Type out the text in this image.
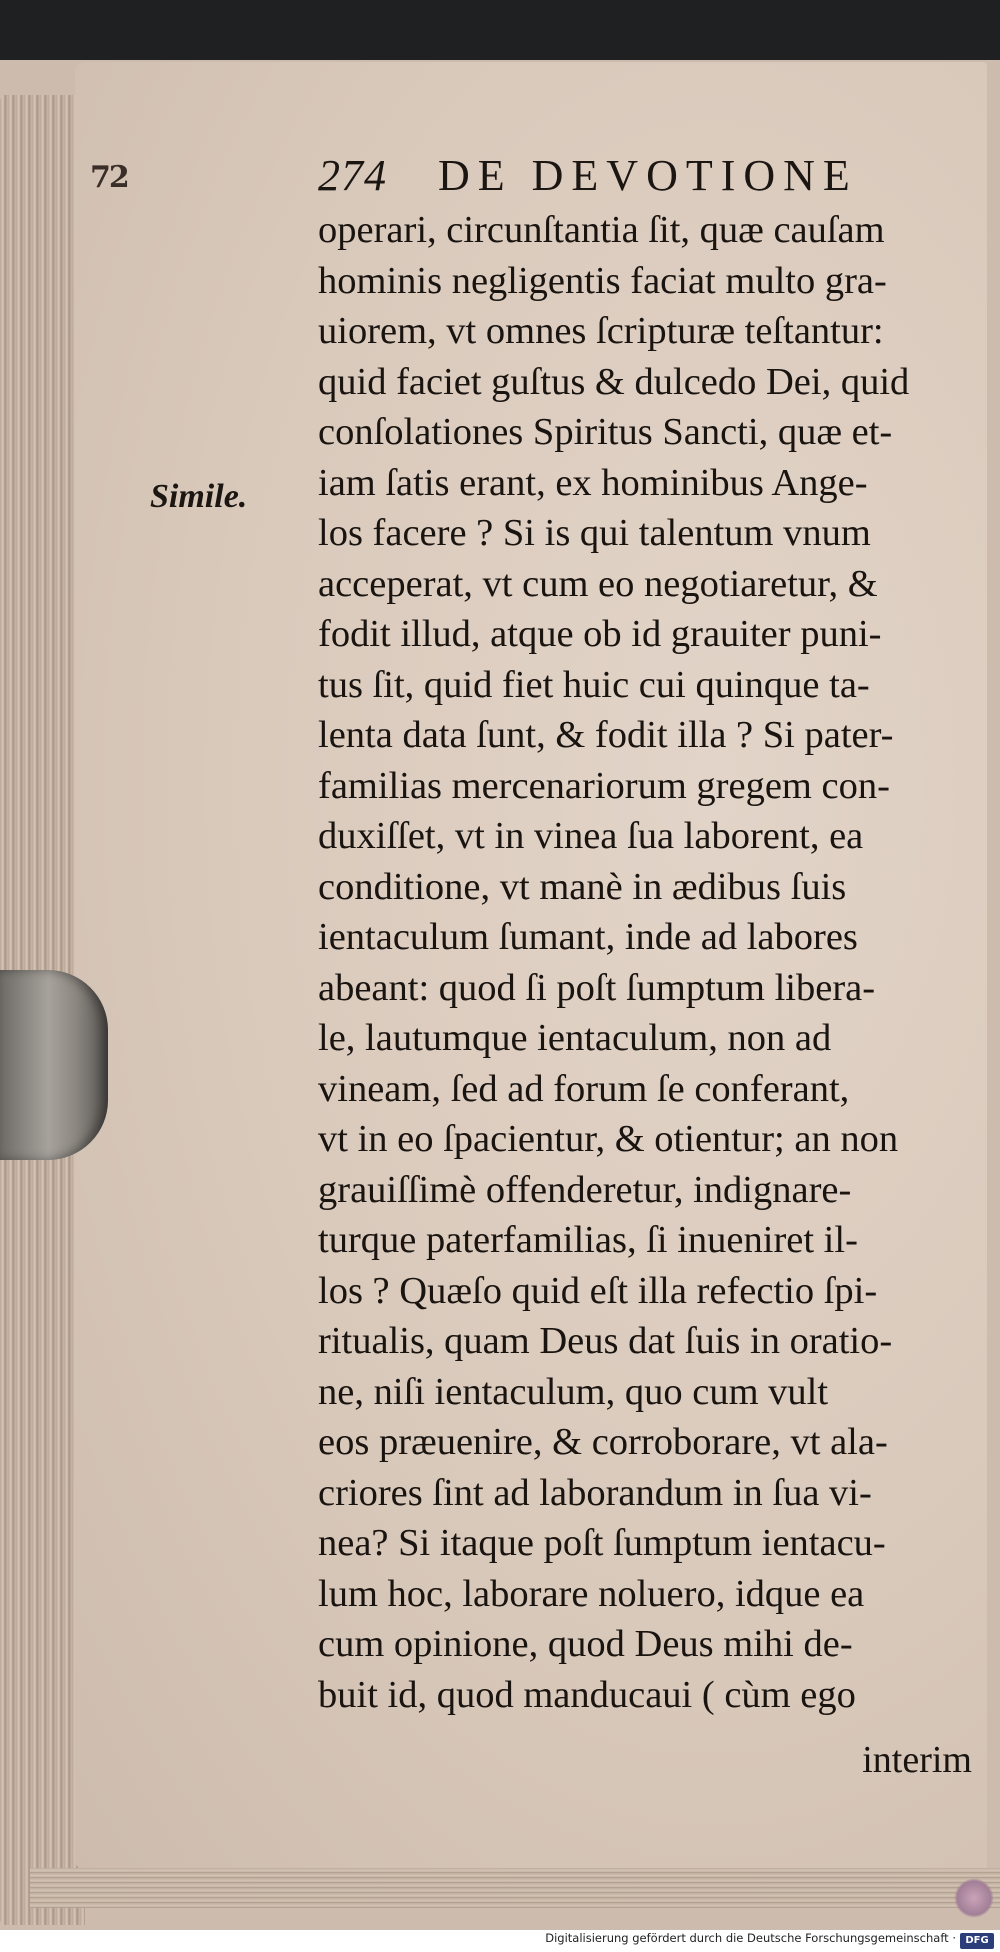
72	274 DE DEVOTIONE
Simile.
operari, circunſtantia ſit, quæ cauſam
hominis negligentis faciat multo gra-
uiorem, vt omnes ſcripturæ teſtantur:
quid faciet guſtus & dulcedo Dei, quid
conſolationes Spiritus Sancti, quæ et-
iam ſatis erant, ex hominibus Ange-
los facere ? Si is qui talentum vnum
acceperat, vt cum eo negotiaretur, &
fodit illud, atque ob id grauiter puni-
tus ſit, quid fiet huic cui quinque ta-
lenta data ſunt, & fodit illa ? Si pater-
familias mercenariorum gregem con-
duxiſſet, vt in vinea ſua laborent, ea
conditione, vt manè in ædibus ſuis
ientaculum ſumant, inde ad labores
abeant: quod ſi poſt ſumptum libera-
le, lautumque ientaculum, non ad
vineam, ſed ad forum ſe conferant,
vt in eo ſpacientur, & otientur; an non
grauiſſimè offenderetur, indignare-
turque paterfamilias, ſi inueniret il-
los ? Quæſo quid eſt illa refectio ſpi-
ritualis, quam Deus dat ſuis in oratio-
ne, niſi ientaculum, quo cum vult
eos præuenire, & corroborare, vt ala-
criores ſint ad laborandum in ſua vi-
nea? Si itaque poſt ſumptum ientacu-
lum hoc, laborare noluero, idque ea
cum opinione, quod Deus mihi de-
buit id, quod manducaui ( cùm ego
interim
Digitalisierung gefördert durch die Deutsche Forschungsgemeinschaft · DFG
